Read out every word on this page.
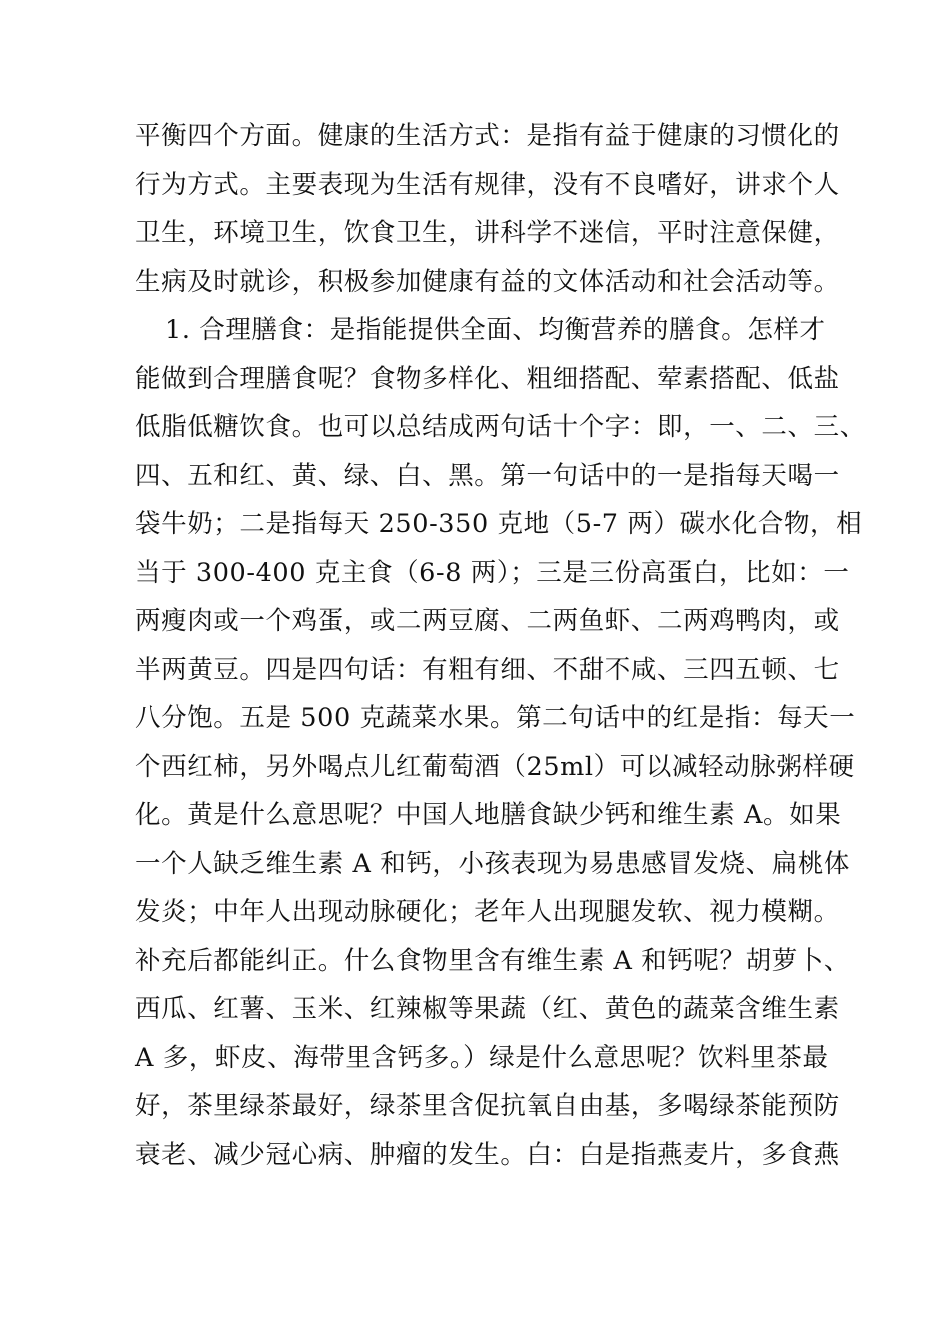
平衡四个方面。健康的生活方式：是指有益于健康的习惯化的
行为方式。主要表现为生活有规律，没有不良嗜好，讲求个人
卫生，环境卫生，饮食卫生，讲科学不迷信，平时注意保健，
生病及时就诊，积极参加健康有益的文体活动和社会活动等。
1. 合理膳食：是指能提供全面、均衡营养的膳食。怎样才
能做到合理膳食呢？食物多样化、粗细搭配、荤素搭配、低盐
低脂低糖饮食。也可以总结成两句话十个字：即，一、二、三、
四、五和红、黄、绿、白、黑。第一句话中的一是指每天喝一
袋牛奶；二是指每天 250-350 克地（5-7 两）碳水化合物，相
当于 300-400 克主食（6-8 两）；三是三份高蛋白，比如：一
两瘦肉或一个鸡蛋，或二两豆腐、二两鱼虾、二两鸡鸭肉，或
半两黄豆。四是四句话：有粗有细、不甜不咸、三四五顿、七
八分饱。五是 500 克蔬菜水果。第二句话中的红是指：每天一
个西红柿，另外喝点儿红葡萄酒（25ml）可以减轻动脉粥样硬
化。黄是什么意思呢？中国人地膳食缺少钙和维生素 A。如果
一个人缺乏维生素 A 和钙，小孩表现为易患感冒发烧、扁桃体
发炎；中年人出现动脉硬化；老年人出现腿发软、视力模糊。
补充后都能纠正。什么食物里含有维生素 A 和钙呢？胡萝卜、
西瓜、红薯、玉米、红辣椒等果蔬（红、黄色的蔬菜含维生素
A 多，虾皮、海带里含钙多。）绿是什么意思呢？饮料里茶最
好，茶里绿茶最好，绿茶里含促抗氧自由基，多喝绿茶能预防
衰老、减少冠心病、肿瘤的发生。白：白是指燕麦片，多食燕
